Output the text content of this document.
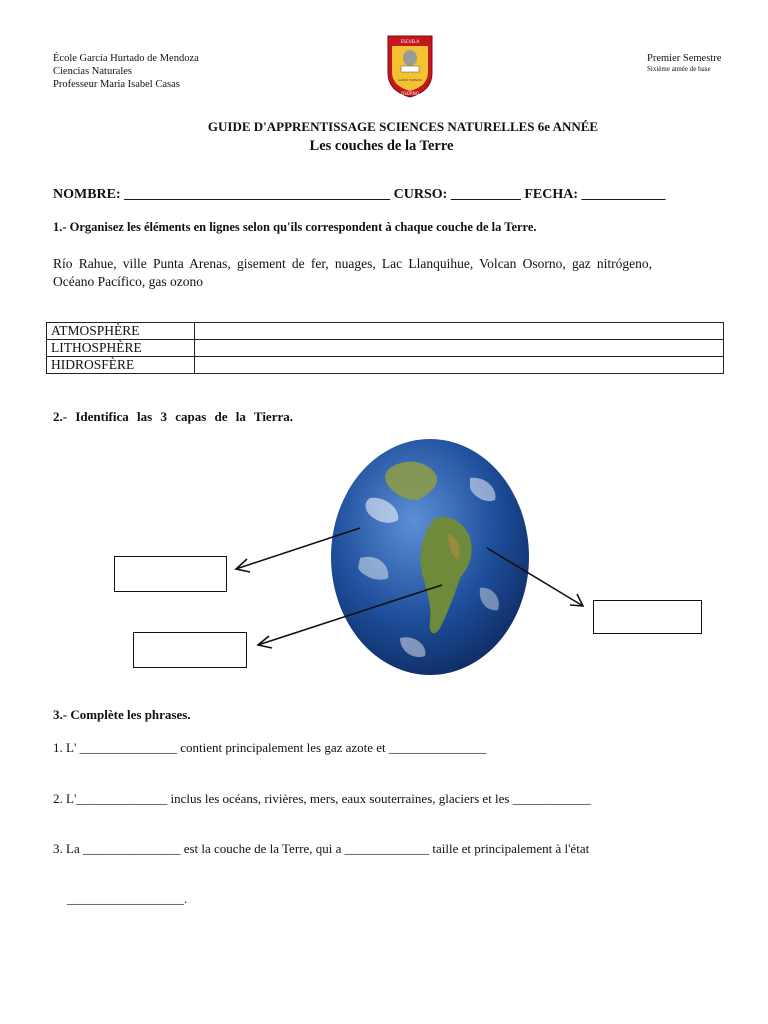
École García Hurtado de Mendoza
Ciencias Naturales
Professeur Maria Isabel Casas
ESCUELA
GARCÍA HURTADO
OSORNO
Premier Semestre
Sixième année de base
GUIDE D'APPRENTISSAGE SCIENCES NATURELLES 6e ANNÉE
Les couches de la Terre
NOMBRE: ______________________________________ CURSO: __________ FECHA: ____________
1.- Organisez les éléments en lignes selon qu'ils correspondent à chaque couche de la Terre.
Río Rahue, ville Punta Arenas, gisement de fer, nuages, Lac Llanquihue, Volcan Osorno, gaz nitrógeno, Océano Pacífico, gas ozono
ATMOSPHÈRE	
LITHOSPHÈRE	
HIDROSFÈRE	
2.- Identifica las 3 capas de la Tierra.
3.- Complète les phrases.
1. L' _______________ contient principalement les gaz azote et _______________
2. L'______________ inclus les océans, rivières, mers, eaux souterraines, glaciers et les ____________
3. La _______________ est la couche de la Terre, qui a _____________ taille et principalement à l'état
__________________.
